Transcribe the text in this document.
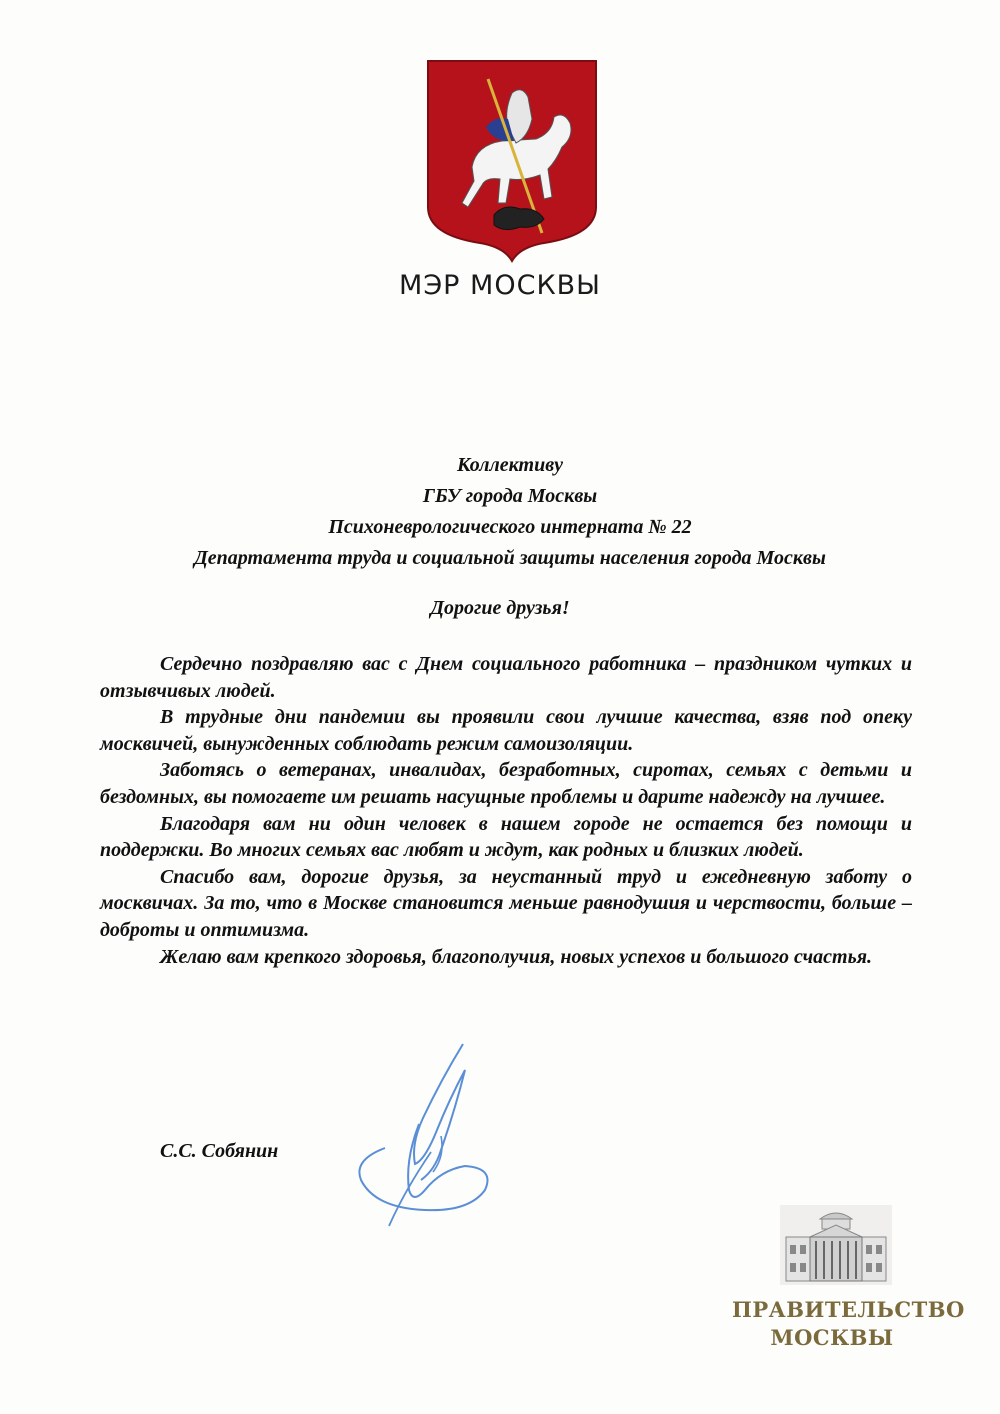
МЭР МОСКВЫ
Коллективу
ГБУ города Москвы
Психоневрологического интерната № 22
Департамента труда и социальной защиты населения города Москвы
Дорогие друзья!

Сердечно поздравляю вас с Днем социального работника – праздником чутких и отзывчивых людей.

В трудные дни пандемии вы проявили свои лучшие качества, взяв под опеку москвичей, вынужденных соблюдать режим самоизоляции.

Заботясь о ветеранах, инвалидах, безработных, сиротах, семьях с детьми и бездомных, вы помогаете им решать насущные проблемы и дарите надежду на лучшее.

Благодаря вам ни один человек в нашем городе не остается без помощи и поддержки. Во многих семьях вас любят и ждут, как родных и близких людей.

Спасибо вам, дорогие друзья, за неустанный труд и ежедневную заботу о москвичах. За то, что в Москве становится меньше равнодушия и черствости, больше – доброты и оптимизма.

Желаю вам крепкого здоровья, благополучия, новых успехов и большого счастья.

С.С. Собянин
ПРАВИТЕЛЬСТВО
МОСКВЫ
